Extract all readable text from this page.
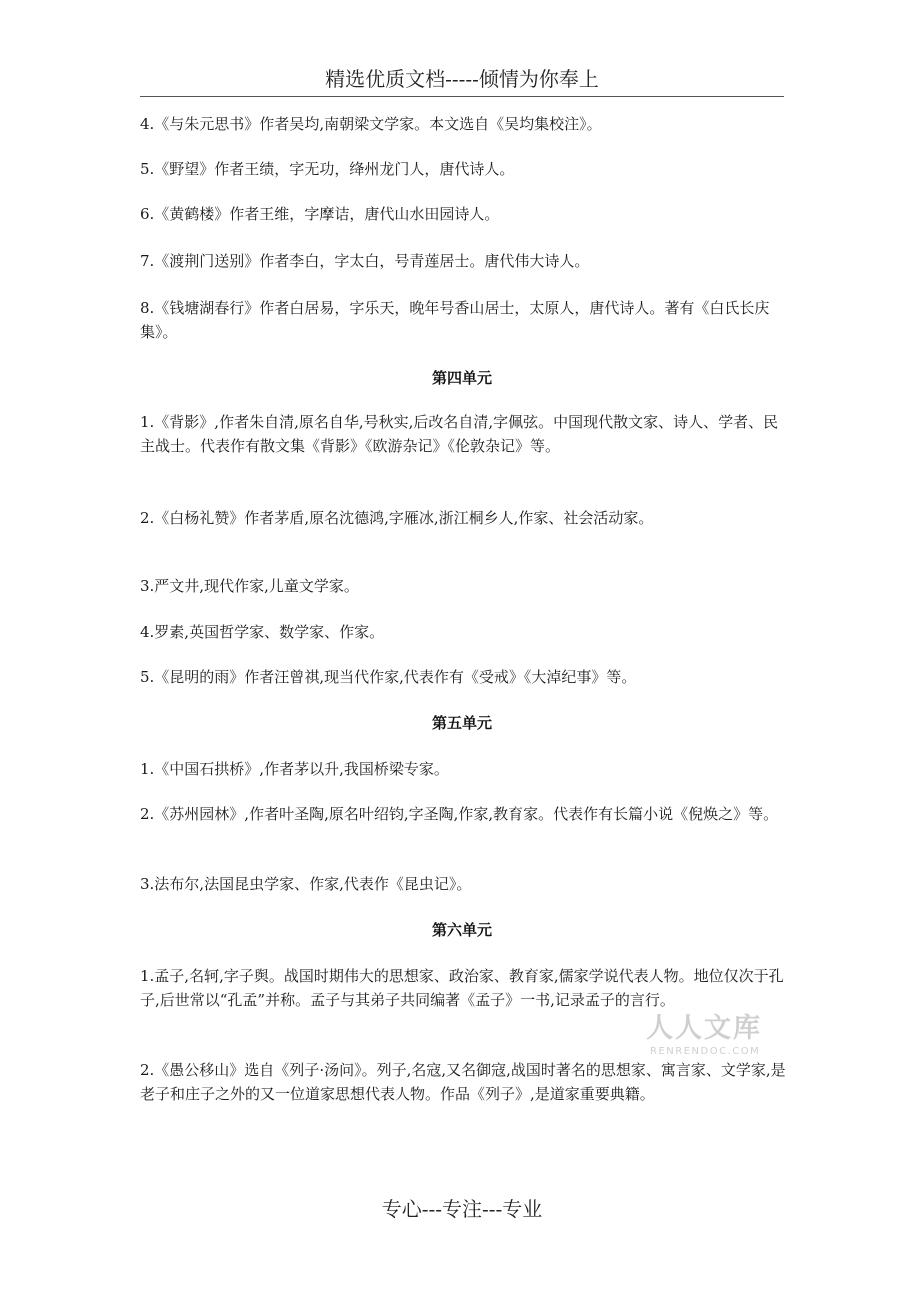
精选优质文档-----倾情为你奉上

4.《与朱元思书》作者吴均,南朝梁文学家。本文选自《吴均集校注》。

5.《野望》作者王绩，字无功，绛州龙门人，唐代诗人。

6.《黄鹤楼》作者王维，字摩诘，唐代山水田园诗人。

7.《渡荆门送别》作者李白，字太白，号青莲居士。唐代伟大诗人。

8.《钱塘湖春行》作者白居易，字乐天，晚年号香山居士，太原人，唐代诗人。著有《白氏长庆集》。

第四单元

1.《背影》,作者朱自清,原名自华,号秋实,后改名自清,字佩弦。中国现代散文家、诗人、学者、民主战士。代表作有散文集《背影》《欧游杂记》《伦敦杂记》等。

2.《白杨礼赞》作者茅盾,原名沈德鸿,字雁冰,浙江桐乡人,作家、社会活动家。

3.严文井,现代作家,儿童文学家。

4.罗素,英国哲学家、数学家、作家。

5.《昆明的雨》作者汪曾祺,现当代作家,代表作有《受戒》《大淖纪事》等。

第五单元

1.《中国石拱桥》,作者茅以升,我国桥梁专家。

2.《苏州园林》,作者叶圣陶,原名叶绍钧,字圣陶,作家,教育家。代表作有长篇小说《倪焕之》等。

3.法布尔,法国昆虫学家、作家,代表作《昆虫记》。

第六单元

1.孟子,名轲,字子舆。战国时期伟大的思想家、政治家、教育家,儒家学说代表人物。地位仅次于孔子,后世常以“孔孟”并称。孟子与其弟子共同编著《孟子》一书,记录孟子的言行。

2.《愚公移山》选自《列子·汤问》。列子,名寇,又名御寇,战国时著名的思想家、寓言家、文学家,是老子和庄子之外的又一位道家思想代表人物。作品《列子》,是道家重要典籍。

人人文库
RENRENDOC.COM
专心---专注---专业
